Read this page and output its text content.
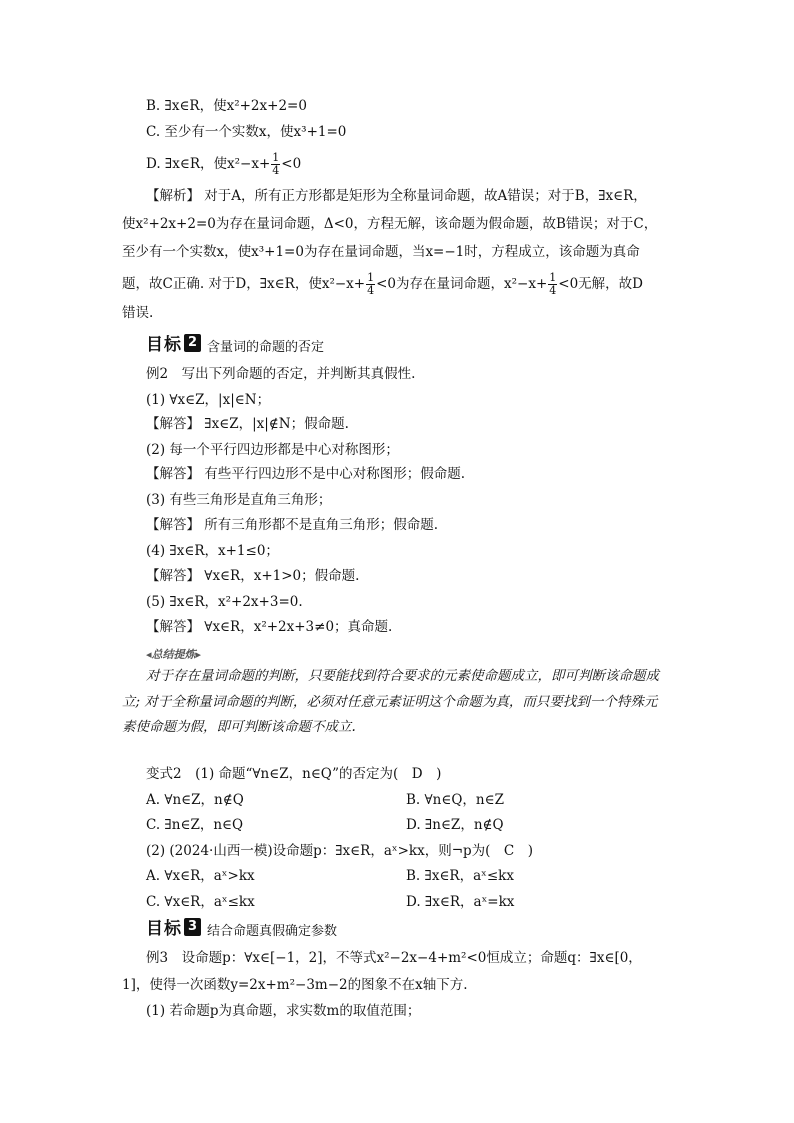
B. ∃x∈R，使x²+2x+2=0
C. 至少有一个实数x，使x³+1=0
D. ∃x∈R，使$x^2-x+ \frac{1}{4} <0$
【解析】 对于A，所有正方形都是矩形为全称量词命题，故A错误；对于B，∃x∈R，
使x²+2x+2=0为存在量词命题，Δ<0，方程无解，该命题为假命题，故B错误；对于C，
至少有一个实数x，使x³+1=0为存在量词命题，当x=−1时，方程成立，该命题为真命
题，故C正确. 对于D，∃x∈R，使$x^2-x+ \frac{1}{4} <0$为存在量词命题，$x^2-x+ \frac{1}{4} <0$无解，故D
错误.
目标 2 含量词的命题的否定
例2　写出下列命题的否定，并判断其真假性.
(1) ∀x∈Z，|x|∈N；
【解答】 ∃x∈Z，|x|∉N；假命题.
(2) 每一个平行四边形都是中心对称图形；
【解答】 有些平行四边形不是中心对称图形；假命题.
(3) 有些三角形是直角三角形；
【解答】 所有三角形都不是直角三角形；假命题.
(4) ∃x∈R，x+1≤0；
【解答】 ∀x∈R，x+1>0；假命题.
(5) ∃x∈R，x²+2x+3=0.
【解答】 ∀x∈R，x²+2x+3≠0；真命题.
◂总结提炼▸
对于存在量词命题的判断，只要能找到符合要求的元素使命题成立，即可判断该命题成
立; 对于全称量词命题的判断，必须对任意元素证明这个命题为真，而只要找到一个特殊元
素使命题为假，即可判断该命题不成立.
变式2　(1) 命题“∀n∈Z，n∈Q”的否定为(　D　)
A. ∀n∈Z，n∉Q	B. ∀n∈Q，n∈Z
C. ∃n∈Z，n∈Q	D. ∃n∈Z，n∉Q
(2) (2024·山西一模)设命题p：∃x∈R，aˣ>kx，则¬p为(　C　)
A. ∀x∈R，aˣ>kx	B. ∃x∈R，aˣ≤kx
C. ∀x∈R，aˣ≤kx	D. ∃x∈R，aˣ=kx
目标 3 结合命题真假确定参数
例3　设命题p：∀x∈[−1，2]，不等式x²−2x−4+m²<0恒成立；命题q：∃x∈[0，
1]，使得一次函数y=2x+m²−3m−2的图象不在x轴下方.
(1) 若命题p为真命题，求实数m的取值范围；
